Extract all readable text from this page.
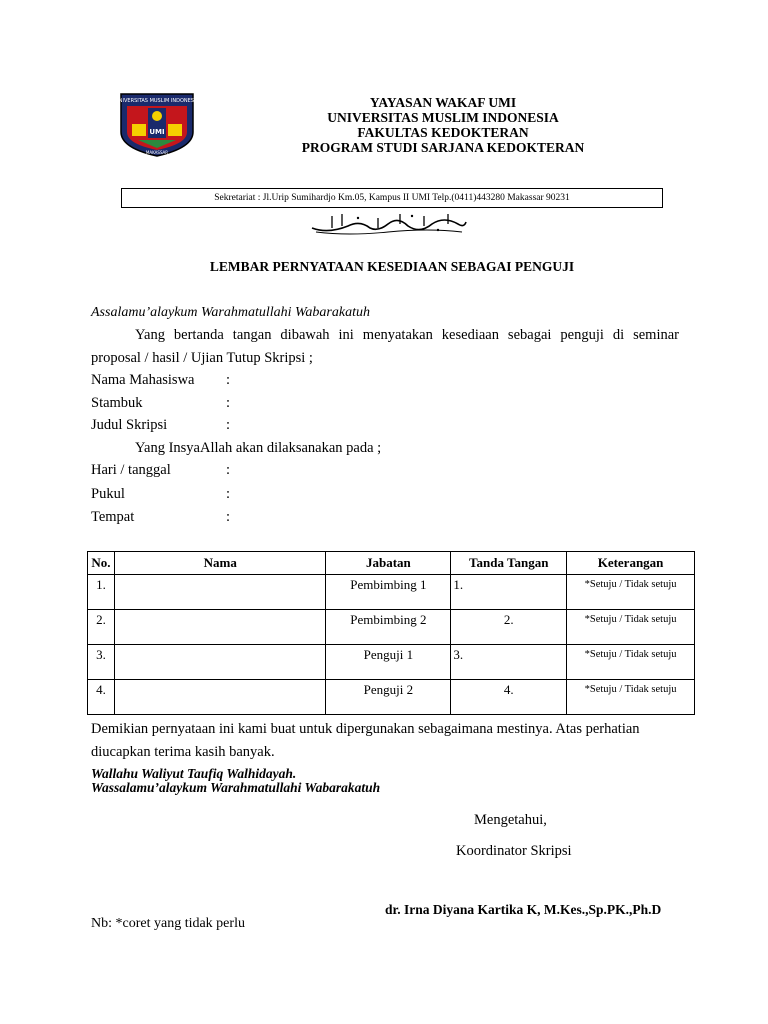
UNIVERSITAS MUSLIM INDONESIA
UMI
MAKASSAR
YAYASAN WAKAF UMI
UNIVERSITAS MUSLIM INDONESIA
FAKULTAS KEDOKTERAN
PROGRAM STUDI SARJANA KEDOKTERAN
Sekretariat : Jl.Urip Sumihardjo Km.05, Kampus II UMI Telp.(0411)443280 Makassar 90231
LEMBAR PERNYATAAN KESEDIAAN SEBAGAI PENGUJI
Assalamu’alaykum Warahmatullahi Wabarakatuh
Yang bertanda tangan dibawah ini menyatakan kesediaan sebagai penguji di seminar
proposal / hasil / Ujian Tutup Skripsi ;
Nama Mahasiswa :
Stambuk	:
Judul Skripsi	:
Yang InsyaAllah akan dilaksanakan pada ;
Hari / tanggal	:
Pukul	:
Tempat	:
No.	Nama	Jabatan	Tanda Tangan	Keterangan
1.		Pembimbing 1	1.	*Setuju / Tidak setuju
2.		Pembimbing 2	2.	*Setuju / Tidak setuju
3.		Penguji 1	3.	*Setuju / Tidak setuju
4.		Penguji 2	4.	*Setuju / Tidak setuju
Demikian pernyataan ini kami buat untuk dipergunakan sebagaimana mestinya. Atas perhatian
diucapkan terima kasih banyak.
Wallahu Waliyut Taufiq Walhidayah.
Wassalamu’alaykum Warahmatullahi Wabarakatuh
Mengetahui,
Koordinator Skripsi
dr. Irna Diyana Kartika K, M.Kes.,Sp.PK.,Ph.D
Nb: *coret yang tidak perlu
